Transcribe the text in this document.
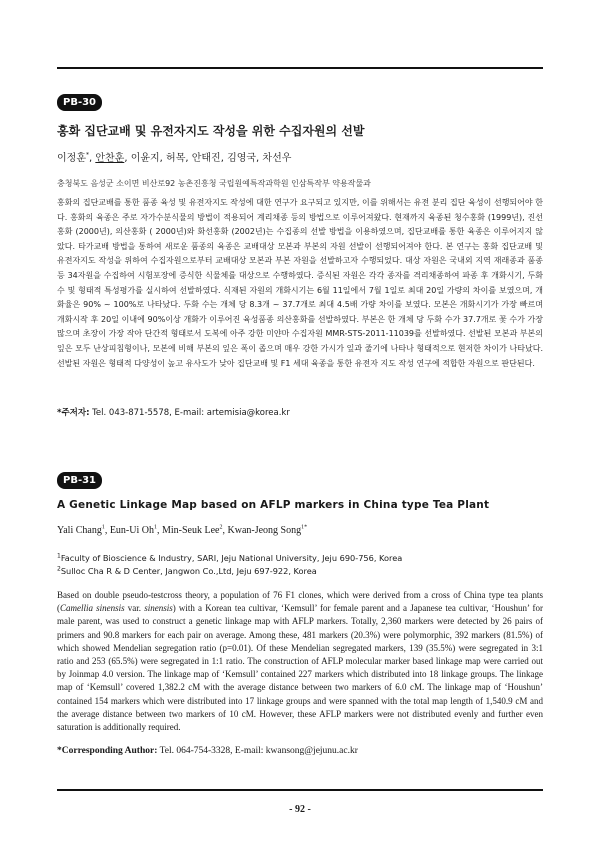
PB-30
홍화 집단교배 및 유전자지도 작성을 위한 수집자원의 선발
이정훈*, 안찬훈, 이윤지, 허목, 안태진, 김영국, 차선우
충청북도 음성군 소이면 비산로92 농촌진흥청 국립원예특작과학원 인삼특작부 약용작물과

홍화의 집단교배를 통한 품종 육성 및 유전자지도 작성에 대한 연구가 요구되고 있지만, 이를 위해서는 유전 분리 집단 육성이 선행되어야 한다. 홍화의 육종은 주로 자가수분식물의 방법이 적용되어 계리채종 등의 방법으로 이루어져왔다. 현재까지 육종된 청수홍화 (1999년), 진선홍화 (2000년), 의산홍화 ( 2000년)와 화선홍화 (2002년)는 수집종의 선발 방법을 이용하였으며, 집단교배를 통한 육종은 이루어지지 않았다. 타가교배 방법을 통하여 새로운 품종의 육종은 교배대상 모본과 부본의 자원 선발이 선행되어져야 한다. 본 연구는 홍화 집단교배 및 유전자지도 작성을 위하여 수집자원으로부터 교배대상 모본과 부본 자원을 선발하고자 수행되었다. 대상 자원은 국내외 지역 재래종과 품종 등 34자원을 수집하여 시험포장에 증식한 식물체를 대상으로 수행하였다. 증식된 자원은 각각 종자를 격리채종하여 파종 후 개화시기, 두화 수 및 형태적 특성평가를 실시하여 선발하였다. 식재된 자원의 개화시기는 6월 11일에서 7월 1일로 최대 20일 가량의 차이를 보였으며, 개화율은 90% ~ 100%로 나타났다. 두화 수는 개체 당 8.3개 ~ 37.7개로 최대 4.5배 가량 차이를 보였다. 모본은 개화시기가 가장 빠르며 개화시작 후 20일 이내에 90%이상 개화가 이루어진 육성품종 의산홍화를 선발하였다. 부본은 한 개체 당 두화 수가 37.7개로 꽃 수가 가장 많으며 초장이 가장 작아 단간적 형태로서 도복에 아주 강한 미얀마 수집자원 MMR-STS-2011-11039를 선발하였다. 선발된 모본과 부본의 잎은 모두 난상피침형이나, 모본에 비해 부본의 잎은 폭이 좁으며 매우 강한 가시가 잎과 줄기에 나타나 형태적으로 현저한 차이가 나타났다. 선발된 자원은 형태적 다양성이 높고 유사도가 낮아 집단교배 및 F1 세대 육종을 통한 유전자 지도 작성 연구에 적합한 자원으로 판단된다.

*주저자: Tel. 043-871-5578, E-mail: artemisia@korea.kr
PB-31
A Genetic Linkage Map based on AFLP markers in China type Tea Plant
Yali Chang$^1$, Eun-Ui Oh$^1$, Min-Seuk Lee$^2$, Kwan-Jeong Song$^{1*}$
$^1$Faculty of Bioscience & Industry, SARI, Jeju National University, Jeju 690-756, Korea
$^2$Sulloc Cha R & D Center, Jangwon Co.,Ltd, Jeju 697-922, Korea

Based on double pseudo-testcross theory, a population of 76 F1 clones, which were derived from a cross of China type tea plants (Camellia sinensis var. sinensis) with a Korean tea cultivar, ‘Kemsull’ for female parent and a Japanese tea cultivar, ‘Houshun’ for male parent, was used to construct a genetic linkage map with AFLP markers. Totally, 2,360 markers were detected by 26 pairs of primers and 90.8 markers for each pair on average. Among these, 481 markers (20.3%) were polymorphic, 392 markers (81.5%) of which showed Mendelian segregation ratio (p=0.01). Of these Mendelian segregated markers, 139 (35.5%) were segregated in 3:1 ratio and 253 (65.5%) were segregated in 1:1 ratio. The construction of AFLP molecular marker based linkage map were carried out by Joinmap 4.0 version. The linkage map of ‘Kemsull’ contained 227 markers which distributed into 18 linkage groups. The linkage map of ‘Kemsull’ covered 1,382.2 cM with the average distance between two markers of 6.0 cM. The linkage map of ‘Houshun’ contained 154 markers which were distributed into 17 linkage groups and were spanned with the total map length of 1,540.9 cM and the average distance between two markers of 10 cM. However, these AFLP markers were not distributed evenly and further even saturation is additionally required.

*Corresponding Author: Tel. 064-754-3328, E-mail: kwansong@jejunu.ac.kr
- 92 -
